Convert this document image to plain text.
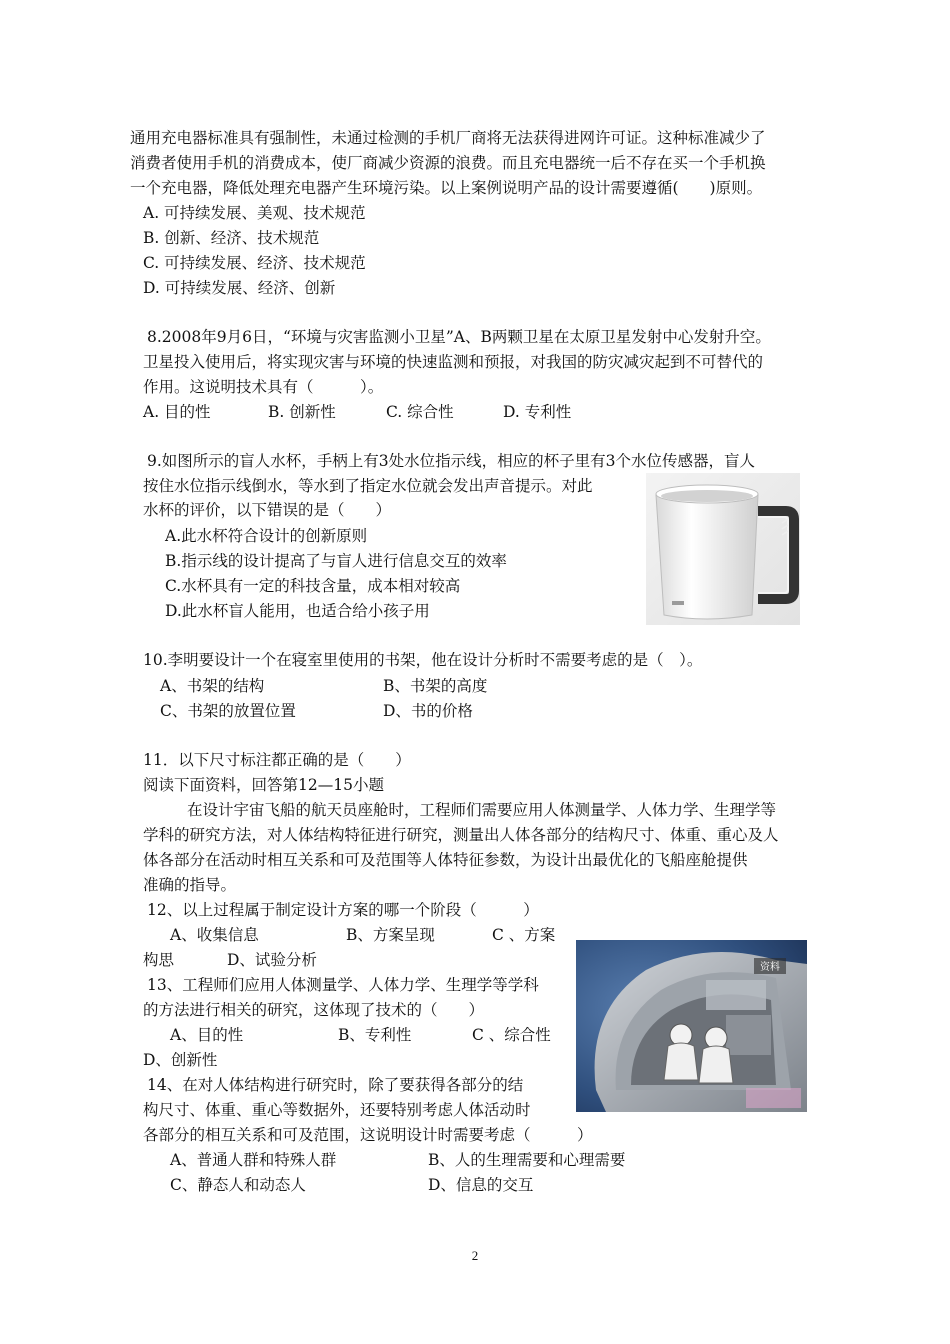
通用充电器标准具有强制性，未通过检测的手机厂商将无法获得进网许可证。这种标准减少了
消费者使用手机的消费成本，使厂商减少资源的浪费。而且充电器统一后不存在买一个手机换
一个充电器，降低处理充电器产生环境污染。以上案例说明产品的设计需要遵循(　　)原则。
A. 可持续发展、美观、技术规范
B. 创新、经济、技术规范
C. 可持续发展、经济、技术规范
D. 可持续发展、经济、创新
8.2008年9月6日，“环境与灾害监测小卫星”A、B两颗卫星在太原卫星发射中心发射升空。
卫星投入使用后，将实现灾害与环境的快速监测和预报，对我国的防灾减灾起到不可替代的
作用。这说明技术具有（　　　）。
A. 目的性	B. 创新性	C. 综合性	D. 专利性
9.如图所示的盲人水杯，手柄上有3处水位指示线，相应的杯子里有3个水位传感器，盲人
按住水位指示线倒水，等水到了指定水位就会发出声音提示。对此
水杯的评价，以下错误的是（　　）
A.此水杯符合设计的创新原则
B.指示线的设计提高了与盲人进行信息交互的效率
C.水杯具有一定的科技含量，成本相对较高
D.此水杯盲人能用，也适合给小孩子用
10.李明要设计一个在寝室里使用的书架，他在设计分析时不需要考虑的是（　）。
A、书架的结构	B、书架的高度
C、书架的放置位置	D、书的价格
11．以下尺寸标注都正确的是（　　）
阅读下面资料，回答第12—15小题
在设计宇宙飞船的航天员座舱时，工程师们需要应用人体测量学、人体力学、生理学等
学科的研究方法，对人体结构特征进行研究，测量出人体各部分的结构尺寸、体重、重心及人
体各部分在活动时相互关系和可及范围等人体特征参数，为设计出最优化的飞船座舱提供
准确的指导。
12、以上过程属于制定设计方案的哪一个阶段（　　　）
A、收集信息	B、方案呈现	C 、方案
构思	D、试验分析
13、工程师们应用人体测量学、人体力学、生理学等学科
的方法进行相关的研究，这体现了技术的（　　）
A、目的性	B、专利性	C 、综合性
D、创新性
14、在对人体结构进行研究时，除了要获得各部分的结
构尺寸、体重、重心等数据外，还要特别考虑人体活动时
各部分的相互关系和可及范围，这说明设计时需要考虑（　　　）
A、普通人群和特殊人群	B、人的生理需要和心理需要
C、静态人和动态人	D、信息的交互
资料
2
